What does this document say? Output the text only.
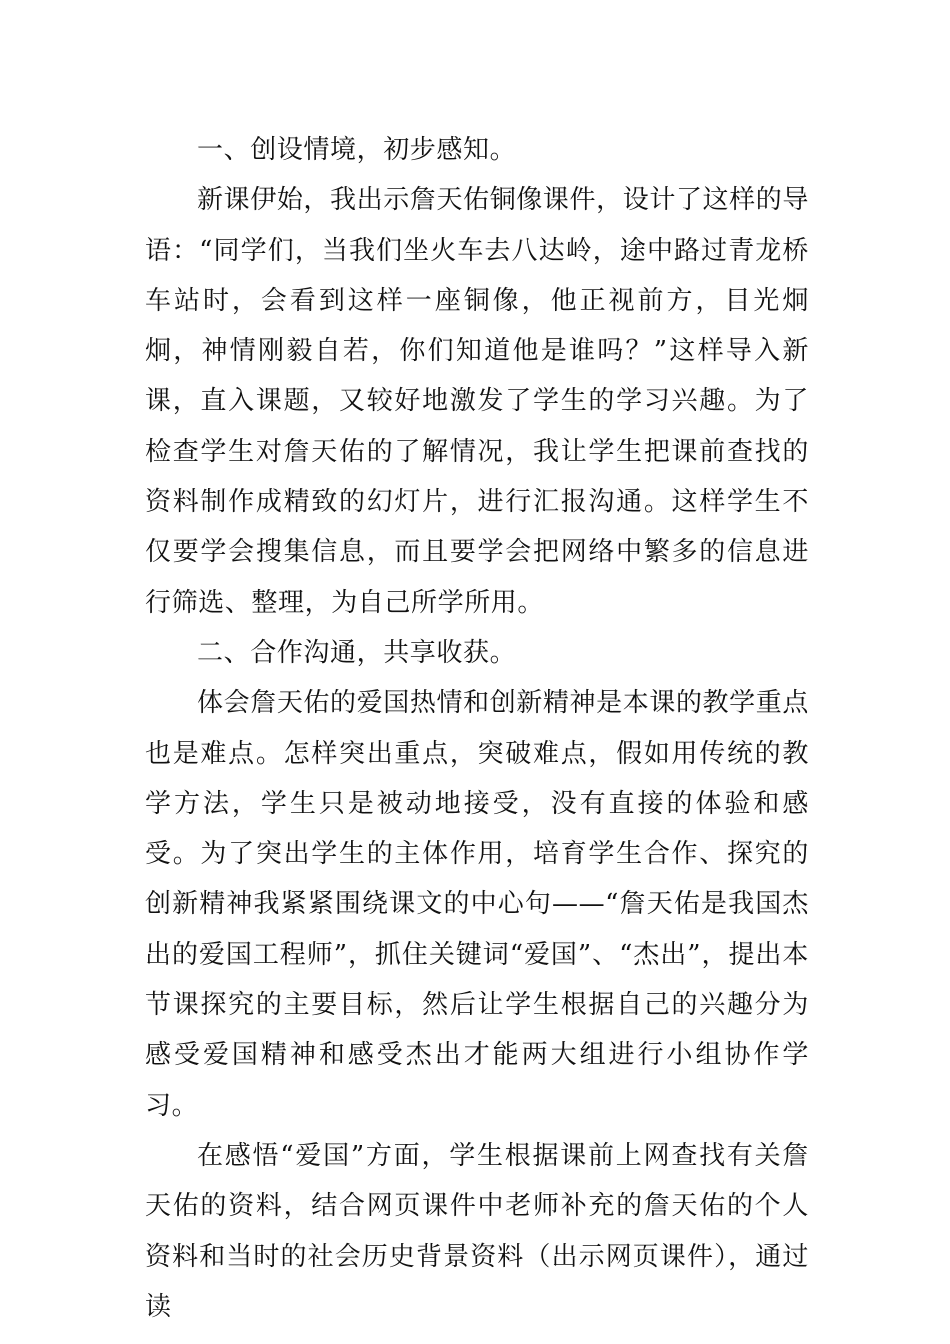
一、创设情境，初步感知。

新课伊始，我出示詹天佑铜像课件，设计了这样的导语：“同学们，当我们坐火车去八达岭，途中路过青龙桥车站时，会看到这样一座铜像，他正视前方，目光炯炯，神情刚毅自若，你们知道他是谁吗？”这样导入新课，直入课题，又较好地激发了学生的学习兴趣。为了检查学生对詹天佑的了解情况，我让学生把课前查找的资料制作成精致的幻灯片，进行汇报沟通。这样学生不仅要学会搜集信息，而且要学会把网络中繁多的信息进行筛选、整理，为自己所学所用。

二、合作沟通，共享收获。

体会詹天佑的爱国热情和创新精神是本课的教学重点也是难点。怎样突出重点，突破难点，假如用传统的教学方法，学生只是被动地接受，没有直接的体验和感受。为了突出学生的主体作用，培育学生合作、探究的创新精神我紧紧围绕课文的中心句——“詹天佑是我国杰出的爱国工程师”，抓住关键词“爱国”、“杰出”，提出本节课探究的主要目标，然后让学生根据自己的兴趣分为感受爱国精神和感受杰出才能两大组进行小组协作学习。

在感悟“爱国”方面，学生根据课前上网查找有关詹天佑的资料，结合网页课件中老师补充的詹天佑的个人资料和当时的社会历史背景资料（出示网页课件），通过读
